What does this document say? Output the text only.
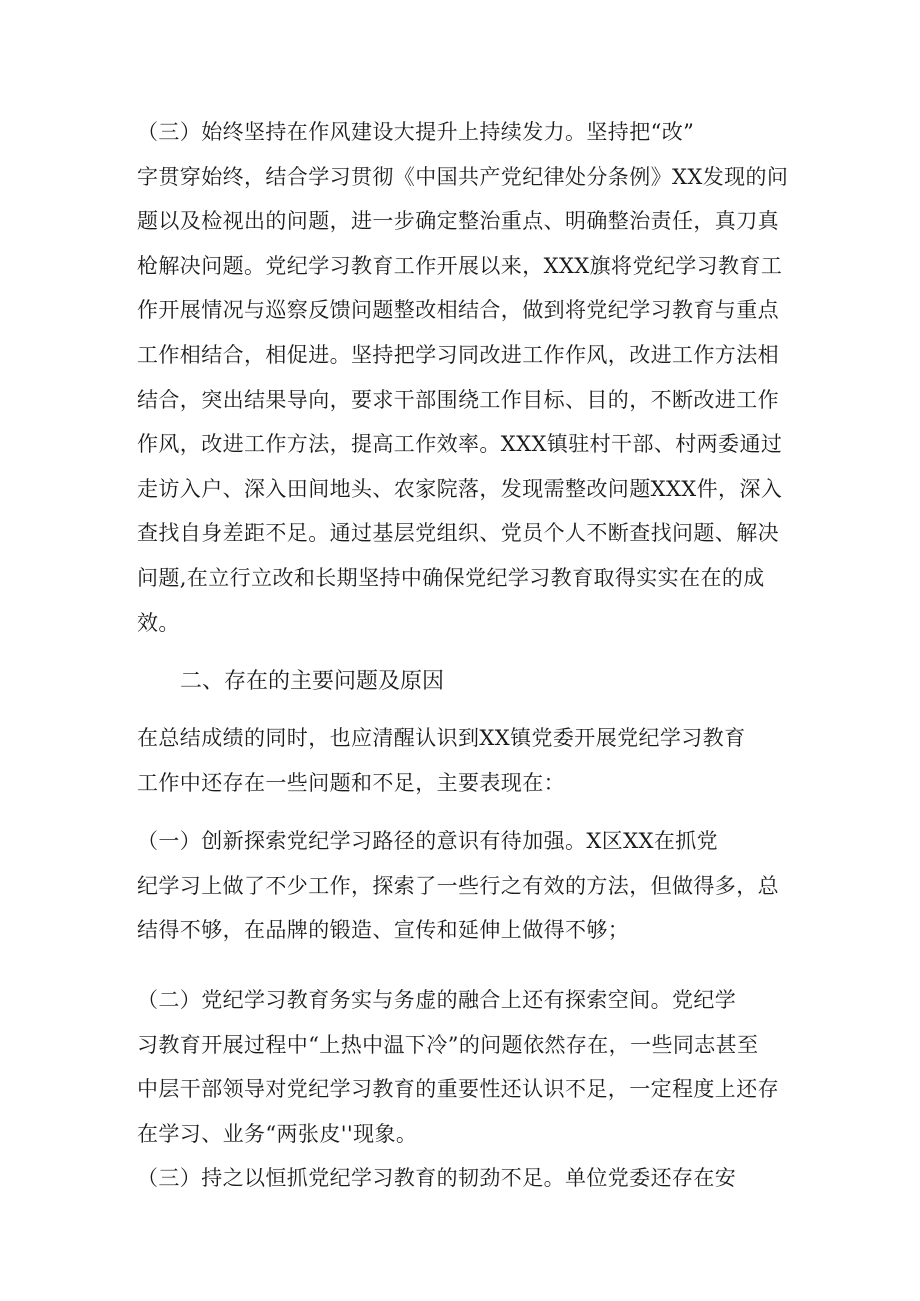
（三）始终坚持在作风建设大提升上持续发力。坚持把“改”
字贯穿始终，结合学习贯彻《中国共产党纪律处分条例》XX发现的问
题以及检视出的问题，进一步确定整治重点、明确整治责任，真刀真
枪解决问题。党纪学习教育工作开展以来，XXX旗将党纪学习教育工
作开展情况与巡察反馈问题整改相结合，做到将党纪学习教育与重点
工作相结合，相促进。坚持把学习同改进工作作风，改进工作方法相
结合，突出结果导向，要求干部围绕工作目标、目的，不断改进工作
作风，改进工作方法，提高工作效率。XXX镇驻村干部、村两委通过
走访入户、深入田间地头、农家院落，发现需整改问题XXX件，深入
查找自身差距不足。通过基层党组织、党员个人不断查找问题、解决
问题,在立行立改和长期坚持中确保党纪学习教育取得实实在在的成
效。

二、存在的主要问题及原因

在总结成绩的同时，也应清醒认识到XX镇党委开展党纪学习教育
工作中还存在一些问题和不足，主要表现在：

（一）创新探索党纪学习路径的意识有待加强。X区XX在抓党
纪学习上做了不少工作，探索了一些行之有效的方法，但做得多，总
结得不够，在品牌的锻造、宣传和延伸上做得不够；

（二）党纪学习教育务实与务虚的融合上还有探索空间。党纪学
习教育开展过程中“上热中温下冷”的问题依然存在，一些同志甚至
中层干部领导对党纪学习教育的重要性还认识不足，一定程度上还存
在学习、业务“两张皮''现象。

（三）持之以恒抓党纪学习教育的韧劲不足。单位党委还存在安
